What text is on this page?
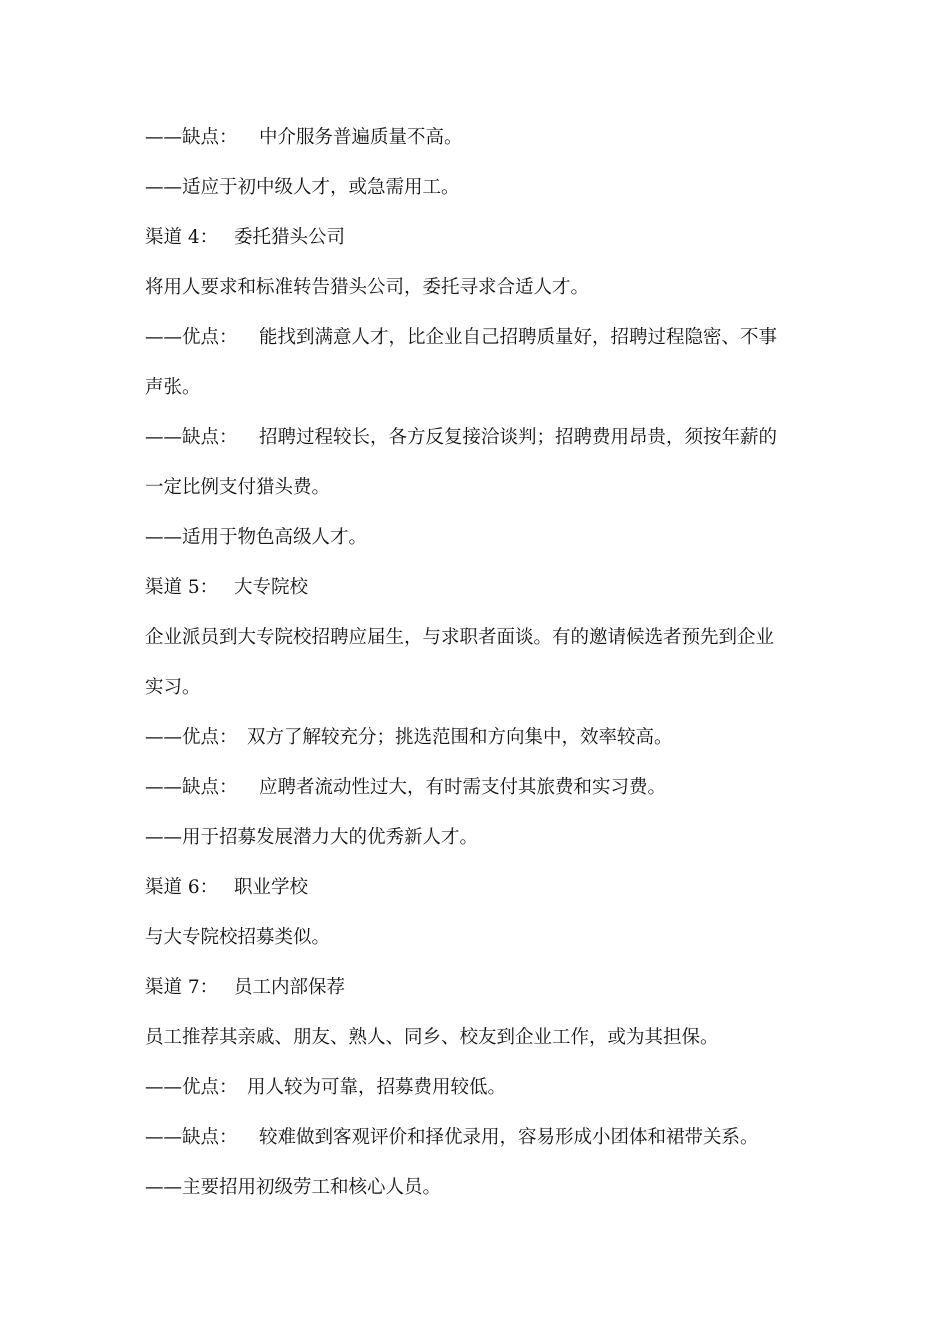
——缺点： 中介服务普遍质量不高。
——适应于初中级人才，或急需用工。
渠道 4： 委托猎头公司
将用人要求和标准转告猎头公司，委托寻求合适人才。
——优点： 能找到满意人才，比企业自己招聘质量好，招聘过程隐密、不事
声张。
——缺点： 招聘过程较长，各方反复接洽谈判；招聘费用昂贵，须按年薪的
一定比例支付猎头费。
——适用于物色高级人才。
渠道 5： 大专院校
企业派员到大专院校招聘应届生，与求职者面谈。有的邀请候选者预先到企业
实习。
——优点： 双方了解较充分；挑选范围和方向集中，效率较高。
——缺点： 应聘者流动性过大，有时需支付其旅费和实习费。
——用于招募发展潜力大的优秀新人才。
渠道 6： 职业学校
与大专院校招募类似。
渠道 7： 员工内部保荐
员工推荐其亲戚、朋友、熟人、同乡、校友到企业工作，或为其担保。
——优点： 用人较为可靠，招募费用较低。
——缺点： 较难做到客观评价和择优录用，容易形成小团体和裙带关系。
——主要招用初级劳工和核心人员。
